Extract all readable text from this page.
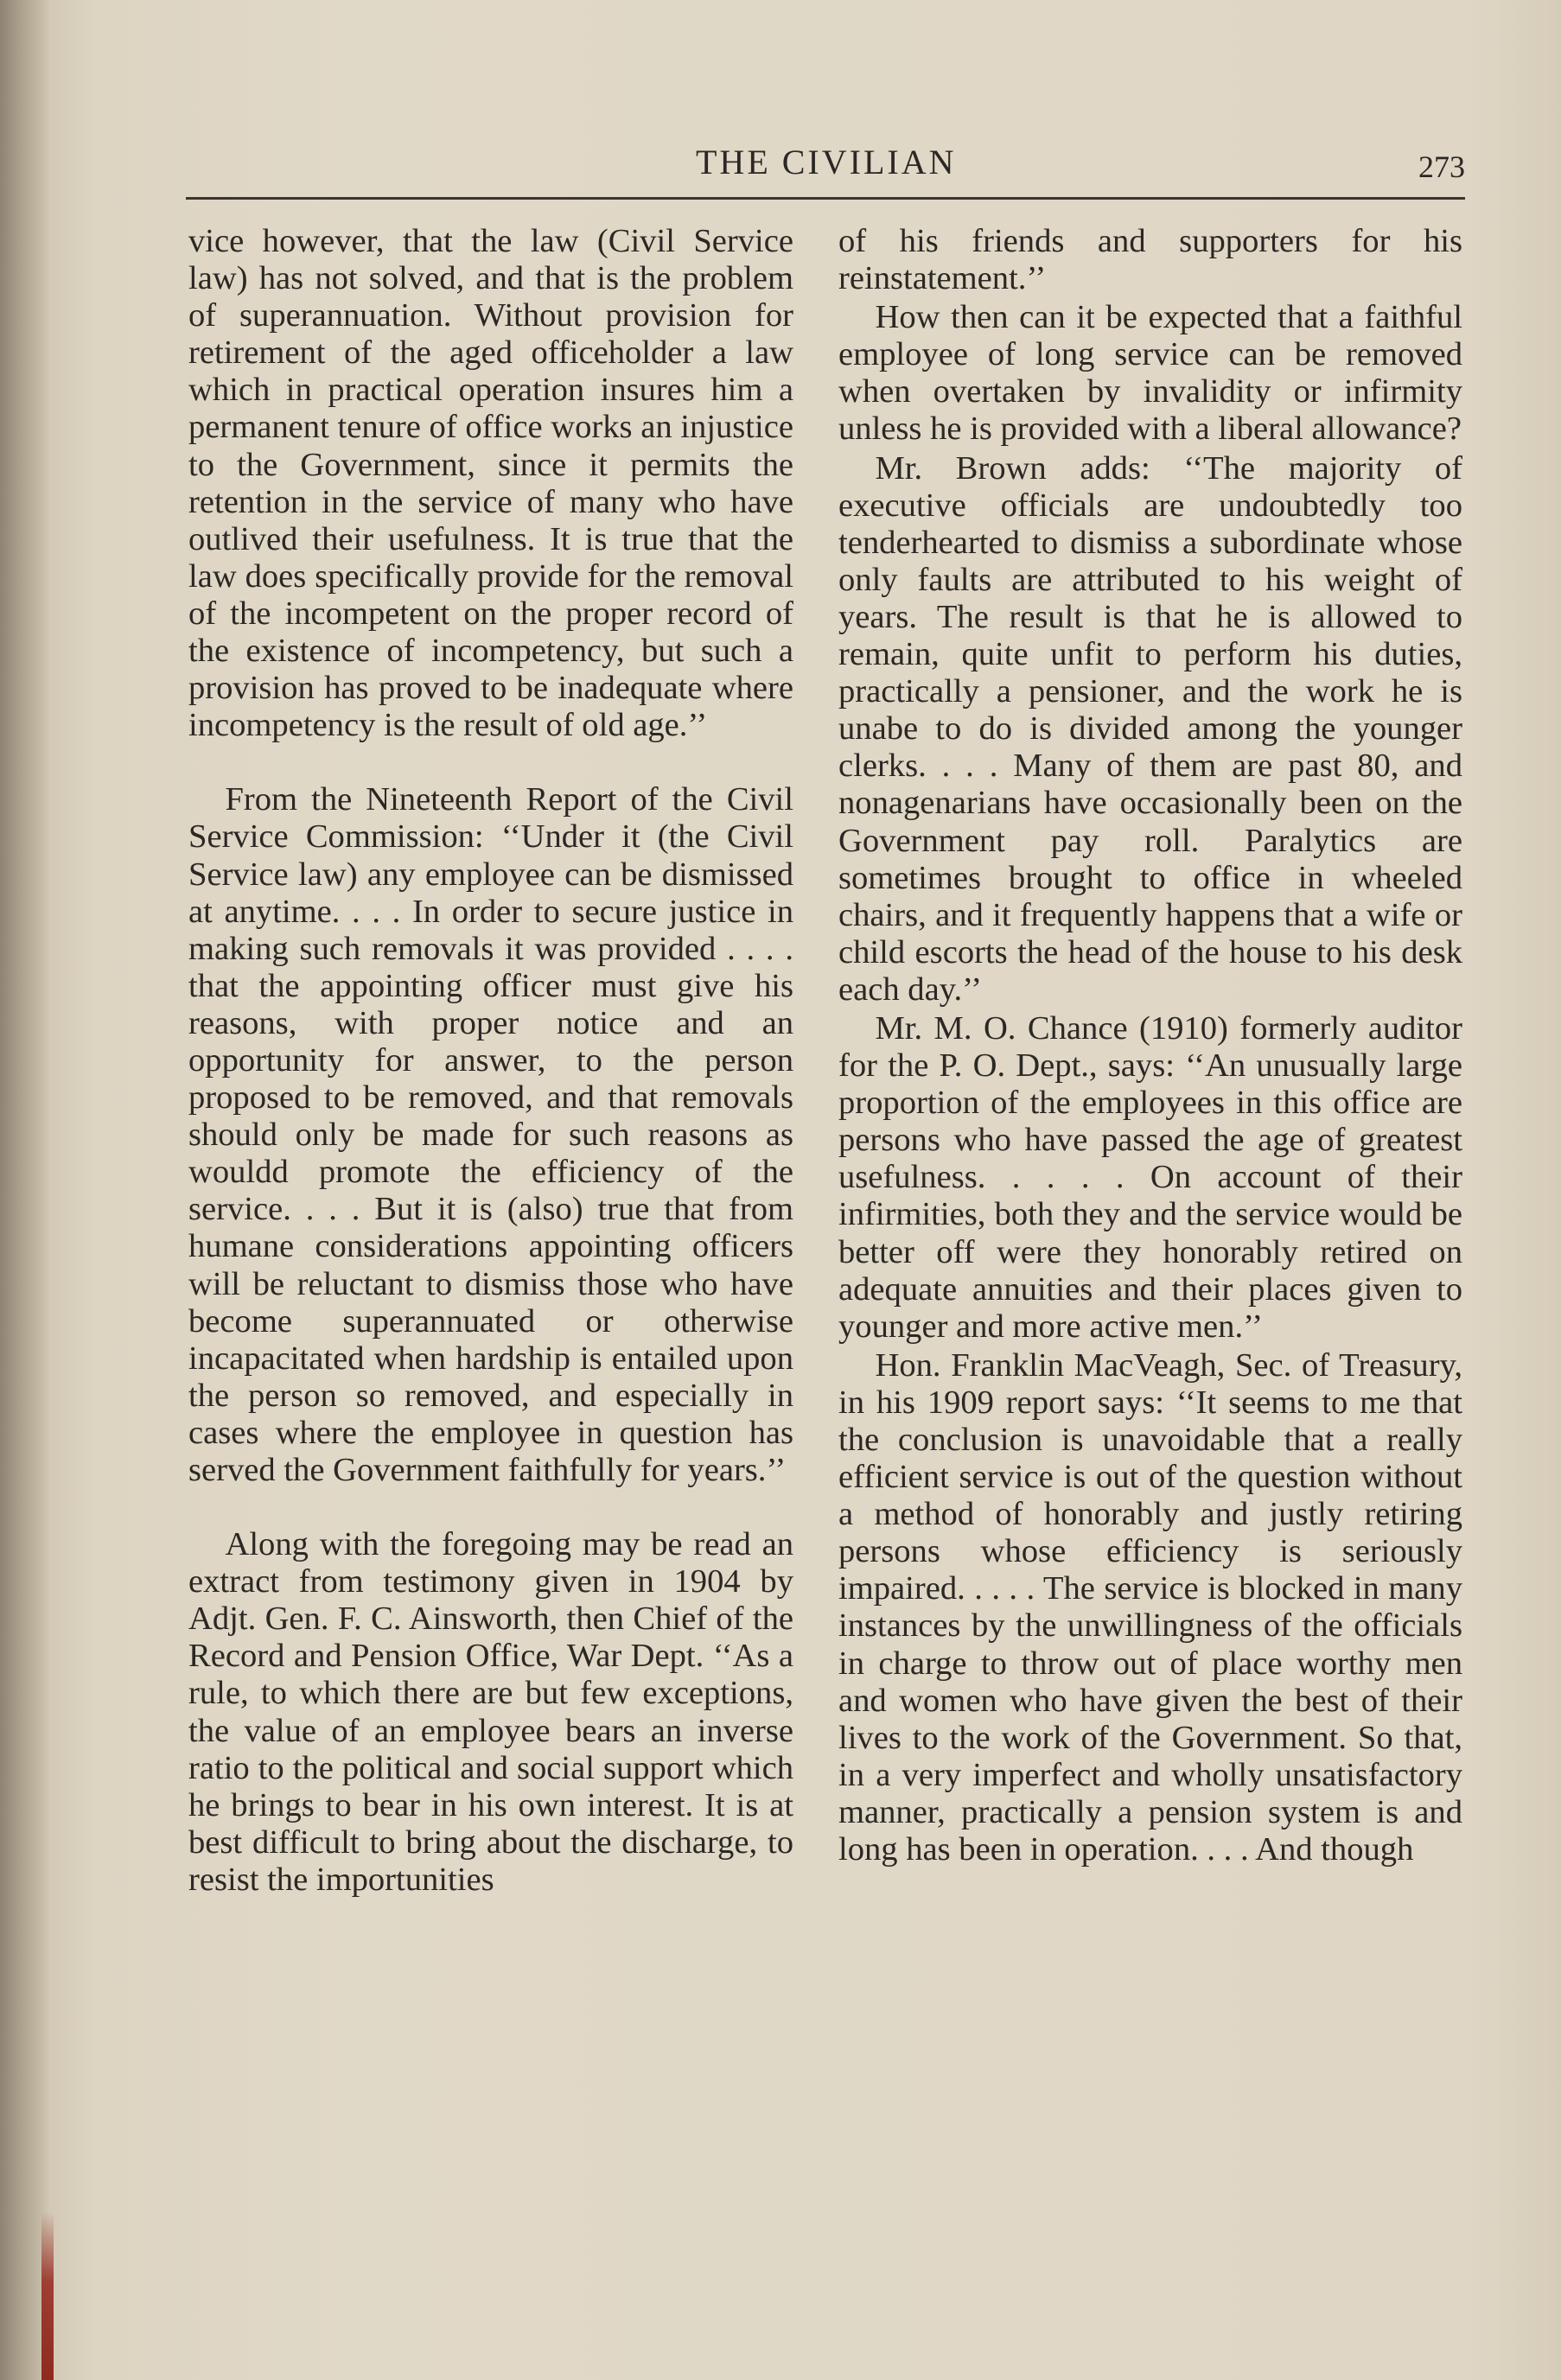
THE CIVILIAN	273

vice however, that the law (Civil Service law) has not solved, and that is the problem of superannuation. Without provision for retirement of the aged officeholder a law which in practical operation insures him a permanent tenure of office works an injustice to the Government, since it permits the retention in the service of many who have outlived their usefulness. It is true that the law does specifically provide for the removal of the incompetent on the proper record of the existence of incompetency, but such a provision has proved to be inadequate where incompetency is the result of old age.’’

From the Nineteenth Report of the Civil Service Commission: ‘‘Under it (the Civil Service law) any employee can be dismissed at anytime. . . . In order to secure justice in making such removals it was provided . . . . that the appointing officer must give his reasons, with proper notice and an opportunity for answer, to the person proposed to be removed, and that removals should only be made for such reasons as wouldd promote the efficiency of the service. . . . But it is (also) true that from humane considerations appointing officers will be reluctant to dismiss those who have become superannuated or otherwise incapacitated when hardship is entailed upon the person so removed, and especially in cases where the employee in question has served the Government faithfully for years.’’

Along with the foregoing may be read an extract from testimony given in 1904 by Adjt. Gen. F. C. Ainsworth, then Chief of the Record and Pension Office, War Dept. ‘‘As a rule, to which there are but few exceptions, the value of an employee bears an inverse ratio to the political and social support which he brings to bear in his own interest. It is at best difficult to bring about the discharge, to resist the importunities

of his friends and supporters for his reinstatement.’’

How then can it be expected that a faithful employee of long service can be removed when overtaken by invalidity or infirmity unless he is provided with a liberal allowance?

Mr. Brown adds: ‘‘The majority of executive officials are undoubtedly too tenderhearted to dismiss a subordinate whose only faults are attributed to his weight of years. The result is that he is allowed to remain, quite unfit to perform his duties, practically a pensioner, and the work he is unabe to do is divided among the younger clerks. . . . Many of them are past 80, and nonagenarians have occasionally been on the Government pay roll. Paralytics are sometimes brought to office in wheeled chairs, and it frequently happens that a wife or child escorts the head of the house to his desk each day.’’

Mr. M. O. Chance (1910) formerly auditor for the P. O. Dept., says: ‘‘An unusually large proportion of the employees in this office are persons who have passed the age of greatest usefulness. . . . . On account of their infirmities, both they and the service would be better off were they honorably retired on adequate annuities and their places given to younger and more active men.’’

Hon. Franklin MacVeagh, Sec. of Treasury, in his 1909 report says: ‘‘It seems to me that the conclusion is unavoidable that a really efficient service is out of the question without a method of honorably and justly retiring persons whose efficiency is seriously impaired. . . . . The service is blocked in many instances by the unwillingness of the officials in charge to throw out of place worthy men and women who have given the best of their lives to the work of the Government. So that, in a very imperfect and wholly unsatisfactory manner, practically a pension system is and long has been in operation. . . . And though
